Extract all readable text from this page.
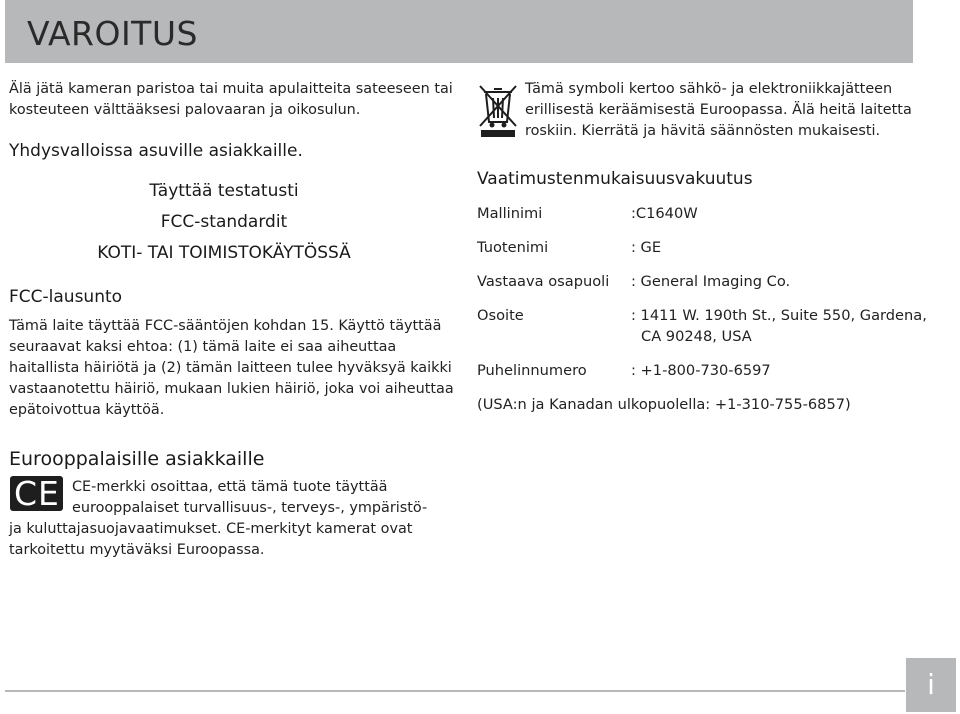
VAROITUS
Älä jätä kameran paristoa tai muita apulaitteita sateeseen tai
kosteuteen välttääksesi palovaaran ja oikosulun.
Yhdysvalloissa asuville asiakkaille.
Täyttää testatusti
FCC-standardit
KOTI- TAI TOIMISTOKÄYTÖSSÄ
FCC-lausunto
Tämä laite täyttää FCC-sääntöjen kohdan 15. Käyttö täyttää
seuraavat kaksi ehtoa: (1) tämä laite ei saa aiheuttaa
haitallista häiriötä ja (2) tämän laitteen tulee hyväksyä kaikki
vastaanotettu häiriö, mukaan lukien häiriö, joka voi aiheuttaa
epätoivottua käyttöä.
Tämä symboli kertoo sähkö- ja elektroniikkajätteen
erillisestä keräämisestä Euroopassa. Älä heitä laitetta
roskiin. Kierrätä ja hävitä säännösten mukaisesti.
Vaatimustenmukaisuusvakuutus
Mallinimi	:C1640W
Tuotenimi	: GE
Vastaava osapuoli : General Imaging Co.
Osoite	: 1411 W. 190th St., Suite 550, Gardena,
CA 90248, USA
Puhelinnumero	: +1-800-730-6597
(USA:n ja Kanadan ulkopuolella: +1-310-755-6857)
Eurooppalaisille asiakkaille
CE CE-merkki osoittaa, että tämä tuote täyttää
eurooppalaiset turvallisuus-, terveys-, ympäristö-
ja kuluttajasuojavaatimukset. CE-merkityt kamerat ovat
tarkoitettu myytäväksi Euroopassa.
i
